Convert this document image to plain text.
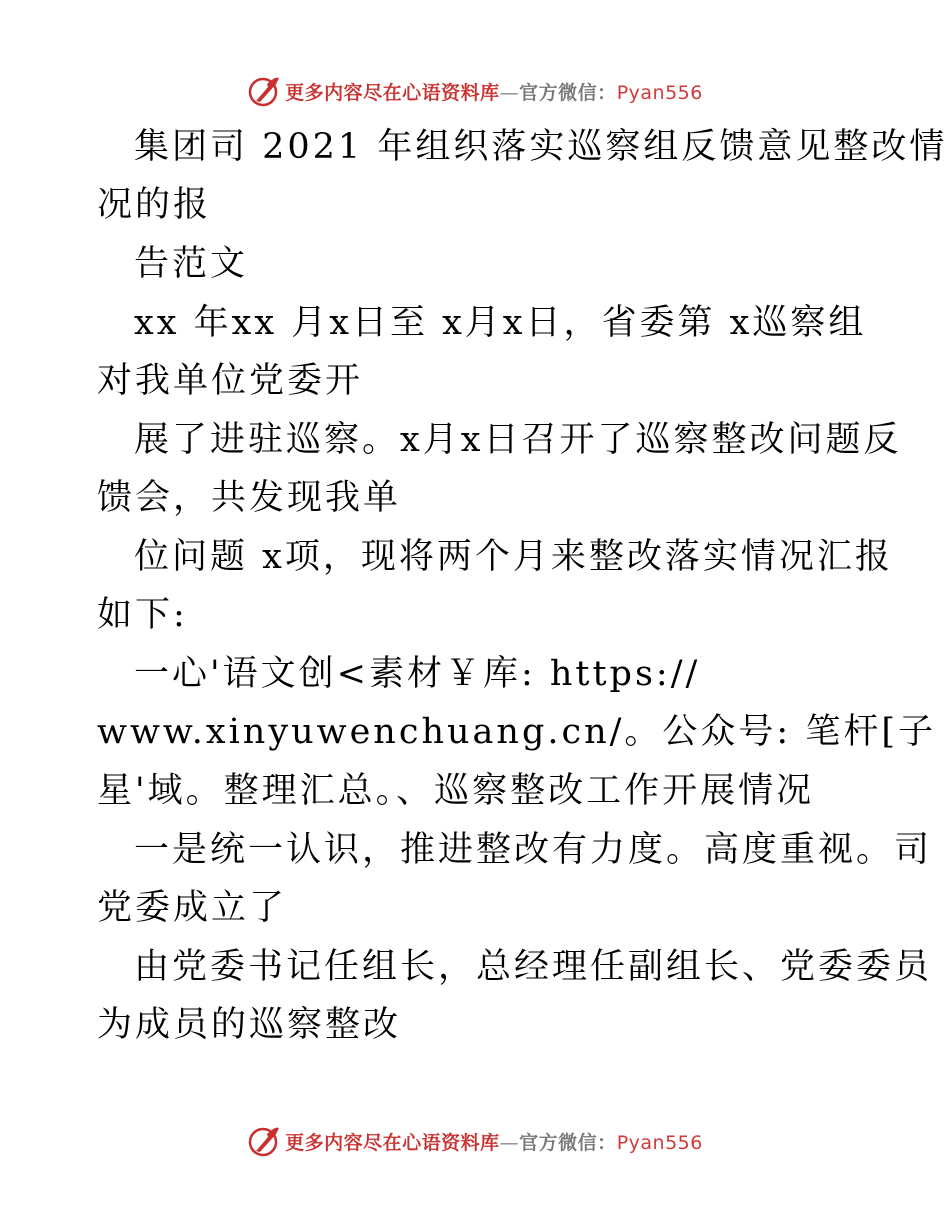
更多内容尽在心语资料库—官方微信：Pyan556
集团司 2021 年组织落实巡察组反馈意见整改情
况的报
告范文
xx 年xx 月x日至 x月x日，省委第 x巡察组
对我单位党委开
展了进驻巡察。x月x日召开了巡察整改问题反
馈会，共发现我单
位问题 x项，现将两个月来整改落实情况汇报
如下:
一心'语文创<素材￥库: https://
www.xinyuwenchuang.cn/。公众号: 笔杆[子
星'域。整理汇总。、巡察整改工作开展情况
一是统一认识，推进整改有力度。高度重视。司
党委成立了
由党委书记任组长，总经理任副组长、党委委员
为成员的巡察整改
更多内容尽在心语资料库—官方微信：Pyan556
